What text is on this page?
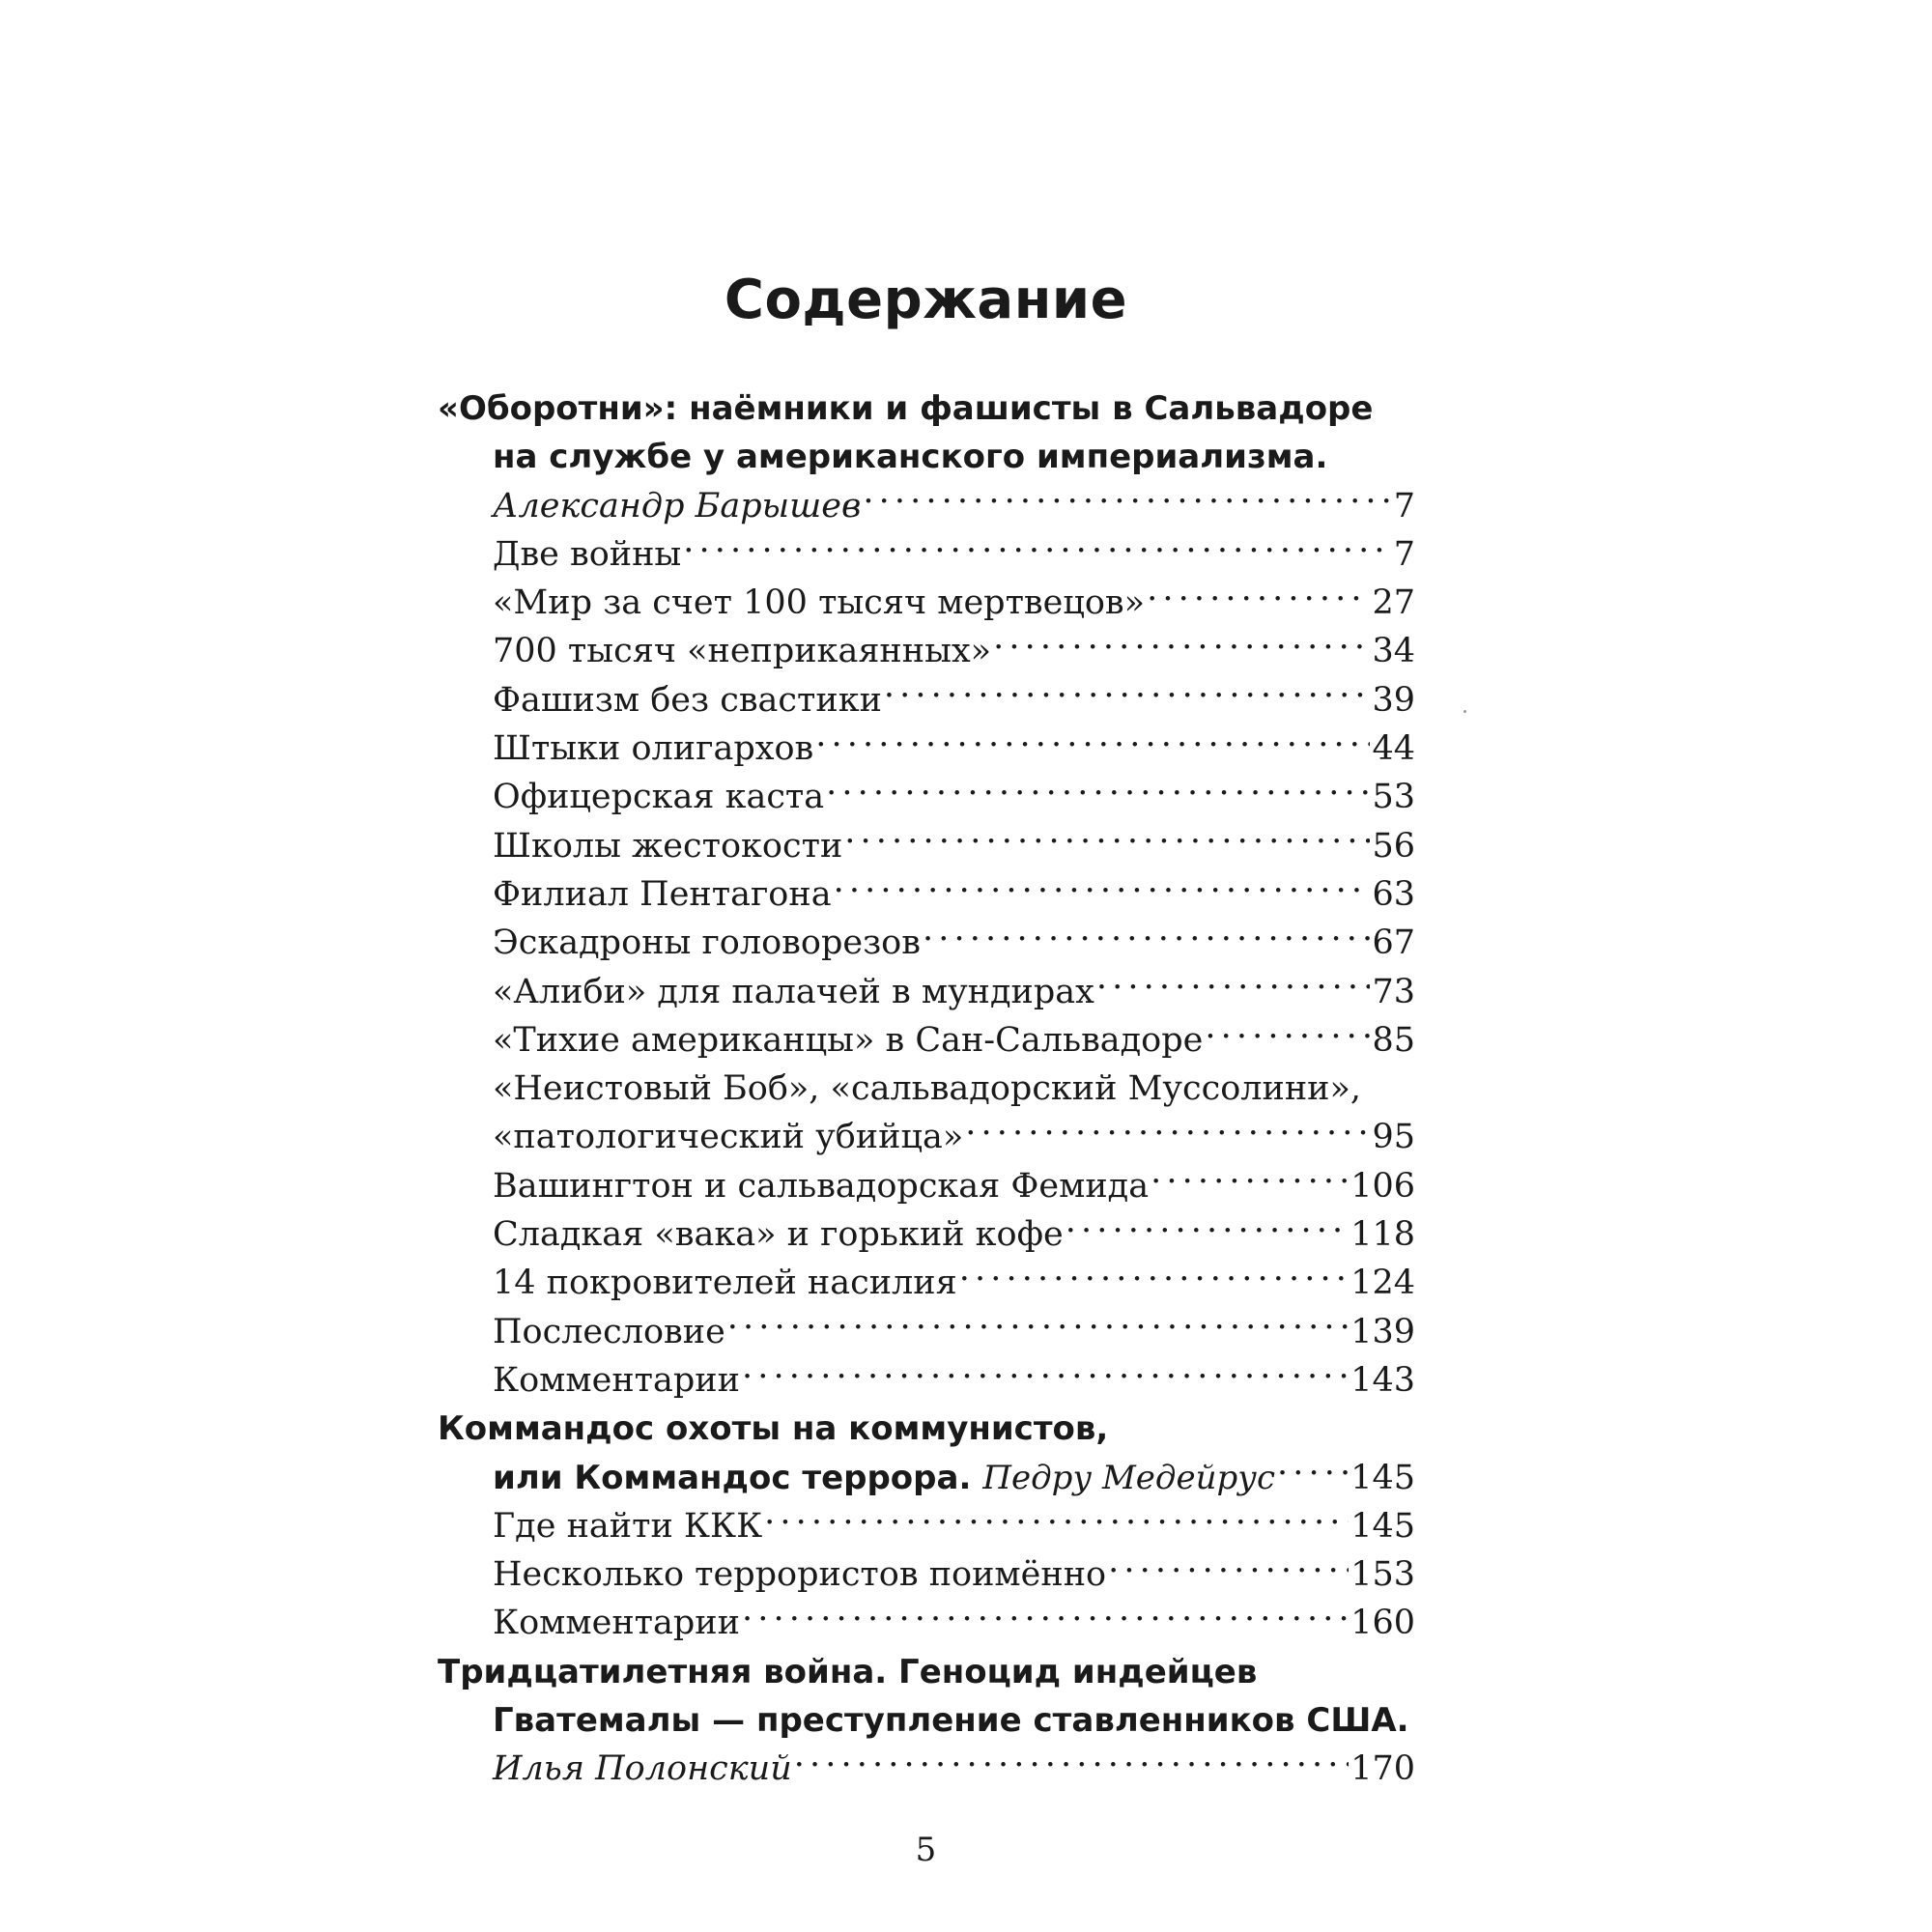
Содержание
«Оборотни»: наёмники и фашисты в Сальвадоре
на службе у американского империализма.
Александр Барышев . . .	7
Две войны . . .	7
«Мир за счет 100 тысяч мертвецов» . . .	27
700 тысяч «неприкаянных» . . .	34
Фашизм без свастики . . .	39
Штыки олигархов . . .	44
Офицерская каста . . .	53
Школы жестокости . . .	56
Филиал Пентагона . . .	63
Эскадроны головорезов . . .	67
«Алиби» для палачей в мундирах . . .	73
«Тихие американцы» в Сан-Сальвадоре . . .	85
«Неистовый Боб», «сальвадорский Муссолини»,
«патологический убийца» . . .	95
Вашингтон и сальвадорская Фемида . . .	106
Сладкая «вака» и горький кофе . . .	118
14 покровителей насилия . . .	124
Послесловие . . .	139
Комментарии . . .	143
Коммандос охоты на коммунистов,
или Коммандос террора. Педру Медейрус . . . 145
Где найти ККК . . .	145
Несколько террористов поимённо . . .	153
Комментарии . . .	160
Тридцатилетняя война. Геноцид индейцев
Гватемалы — преступление ставленников США.
Илья Полонский . . .	170
5
